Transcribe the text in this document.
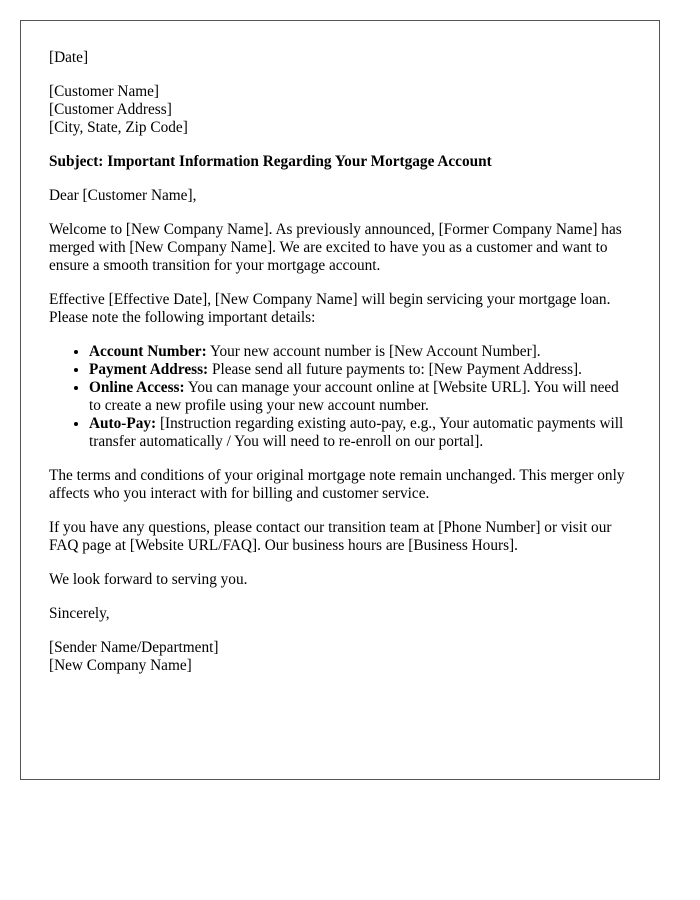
[Date]
[Customer Name]
[Customer Address]
[City, State, Zip Code]
Subject: Important Information Regarding Your Mortgage Account
Dear [Customer Name],
Welcome to [New Company Name]. As previously announced, [Former Company Name] has merged with [New Company Name]. We are excited to have you as a customer and want to ensure a smooth transition for your mortgage account.
Effective [Effective Date], [New Company Name] will begin servicing your mortgage loan. Please note the following important details:
• Account Number: Your new account number is [New Account Number].
• Payment Address: Please send all future payments to: [New Payment Address].
• Online Access: You can manage your account online at [Website URL]. You will need to create a new profile using your new account number.
• Auto-Pay: [Instruction regarding existing auto-pay, e.g., Your automatic payments will transfer automatically / You will need to re-enroll on our portal].
The terms and conditions of your original mortgage note remain unchanged. This merger only affects who you interact with for billing and customer service.
If you have any questions, please contact our transition team at [Phone Number] or visit our FAQ page at [Website URL/FAQ]. Our business hours are [Business Hours].
We look forward to serving you.
Sincerely,
[Sender Name/Department]
[New Company Name]
